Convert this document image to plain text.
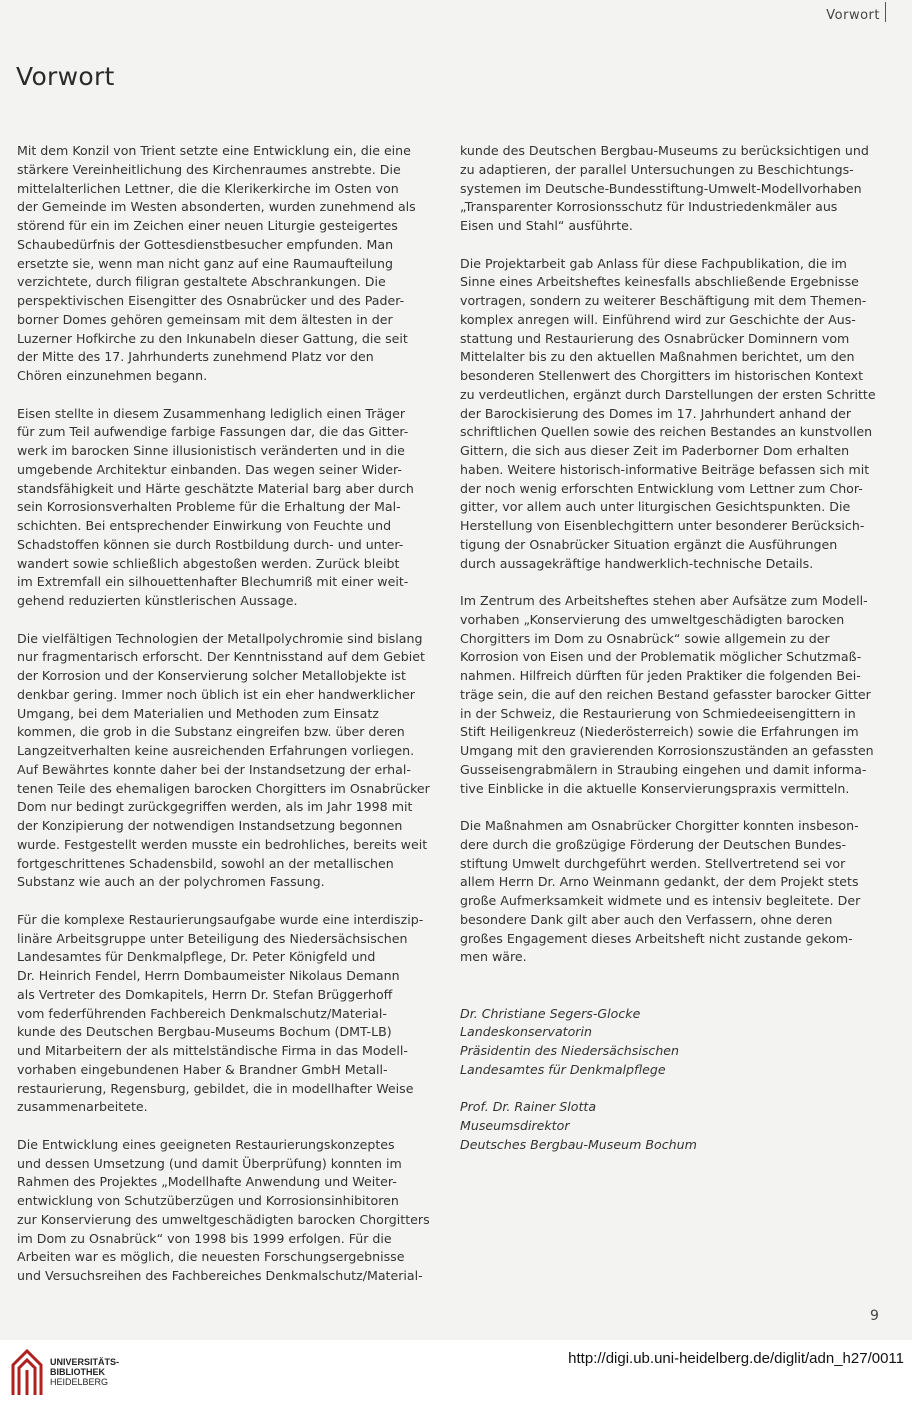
Vorwort
Vorwort

Mit dem Konzil von Trient setzte eine Entwicklung ein, die eine
stärkere Vereinheitlichung des Kirchenraumes anstrebte. Die
mittelalterlichen Lettner, die die Klerikerkirche im Osten von
der Gemeinde im Westen absonderten, wurden zunehmend als
störend für ein im Zeichen einer neuen Liturgie gesteigertes
Schaubedürfnis der Gottesdienstbesucher empfunden. Man
ersetzte sie, wenn man nicht ganz auf eine Raumaufteilung
verzichtete, durch filigran gestaltete Abschrankungen. Die
perspektivischen Eisengitter des Osnabrücker und des Pader-
borner Domes gehören gemeinsam mit dem ältesten in der
Luzerner Hofkirche zu den Inkunabeln dieser Gattung, die seit
der Mitte des 17. Jahrhunderts zunehmend Platz vor den
Chören einzunehmen begann.

Eisen stellte in diesem Zusammenhang lediglich einen Träger
für zum Teil aufwendige farbige Fassungen dar, die das Gitter-
werk im barocken Sinne illusionistisch veränderten und in die
umgebende Architektur einbanden. Das wegen seiner Wider-
standsfähigkeit und Härte geschätzte Material barg aber durch
sein Korrosionsverhalten Probleme für die Erhaltung der Mal-
schichten. Bei entsprechender Einwirkung von Feuchte und
Schadstoffen können sie durch Rostbildung durch- und unter-
wandert sowie schließlich abgestoßen werden. Zurück bleibt
im Extremfall ein silhouettenhafter Blechumriß mit einer weit-
gehend reduzierten künstlerischen Aussage.

Die vielfältigen Technologien der Metallpolychromie sind bislang
nur fragmentarisch erforscht. Der Kenntnisstand auf dem Gebiet
der Korrosion und der Konservierung solcher Metallobjekte ist
denkbar gering. Immer noch üblich ist ein eher handwerklicher
Umgang, bei dem Materialien und Methoden zum Einsatz
kommen, die grob in die Substanz eingreifen bzw. über deren
Langzeitverhalten keine ausreichenden Erfahrungen vorliegen.
Auf Bewährtes konnte daher bei der Instandsetzung der erhal-
tenen Teile des ehemaligen barocken Chorgitters im Osnabrücker
Dom nur bedingt zurückgegriffen werden, als im Jahr 1998 mit
der Konzipierung der notwendigen Instandsetzung begonnen
wurde. Festgestellt werden musste ein bedrohliches, bereits weit
fortgeschrittenes Schadensbild, sowohl an der metallischen
Substanz wie auch an der polychromen Fassung.

Für die komplexe Restaurierungsaufgabe wurde eine interdiszip-
linäre Arbeitsgruppe unter Beteiligung des Niedersächsischen
Landesamtes für Denkmalpflege, Dr. Peter Königfeld und
Dr. Heinrich Fendel, Herrn Dombaumeister Nikolaus Demann
als Vertreter des Domkapitels, Herrn Dr. Stefan Brüggerhoff
vom federführenden Fachbereich Denkmalschutz/Material-
kunde des Deutschen Bergbau-Museums Bochum (DMT-LB)
und Mitarbeitern der als mittelständische Firma in das Modell-
vorhaben eingebundenen Haber & Brandner GmbH Metall-
restaurierung, Regensburg, gebildet, die in modellhafter Weise
zusammenarbeitete.

Die Entwicklung eines geeigneten Restaurierungskonzeptes
und dessen Umsetzung (und damit Überprüfung) konnten im
Rahmen des Projektes „Modellhafte Anwendung und Weiter-
entwicklung von Schutzüberzügen und Korrosionsinhibitoren
zur Konservierung des umweltgeschädigten barocken Chorgitters
im Dom zu Osnabrück“ von 1998 bis 1999 erfolgen. Für die
Arbeiten war es möglich, die neuesten Forschungsergebnisse
und Versuchsreihen des Fachbereiches Denkmalschutz/Material-

kunde des Deutschen Bergbau-Museums zu berücksichtigen und
zu adaptieren, der parallel Untersuchungen zu Beschichtungs-
systemen im Deutsche-Bundesstiftung-Umwelt-Modellvorhaben
„Transparenter Korrosionsschutz für Industriedenkmäler aus
Eisen und Stahl“ ausführte.

Die Projektarbeit gab Anlass für diese Fachpublikation, die im
Sinne eines Arbeitsheftes keinesfalls abschließende Ergebnisse
vortragen, sondern zu weiterer Beschäftigung mit dem Themen-
komplex anregen will. Einführend wird zur Geschichte der Aus-
stattung und Restaurierung des Osnabrücker Dominnern vom
Mittelalter bis zu den aktuellen Maßnahmen berichtet, um den
besonderen Stellenwert des Chorgitters im historischen Kontext
zu verdeutlichen, ergänzt durch Darstellungen der ersten Schritte
der Barockisierung des Domes im 17. Jahrhundert anhand der
schriftlichen Quellen sowie des reichen Bestandes an kunstvollen
Gittern, die sich aus dieser Zeit im Paderborner Dom erhalten
haben. Weitere historisch-informative Beiträge befassen sich mit
der noch wenig erforschten Entwicklung vom Lettner zum Chor-
gitter, vor allem auch unter liturgischen Gesichtspunkten. Die
Herstellung von Eisenblechgittern unter besonderer Berücksich-
tigung der Osnabrücker Situation ergänzt die Ausführungen
durch aussagekräftige handwerklich-technische Details.

Im Zentrum des Arbeitsheftes stehen aber Aufsätze zum Modell-
vorhaben „Konservierung des umweltgeschädigten barocken
Chorgitters im Dom zu Osnabrück“ sowie allgemein zu der
Korrosion von Eisen und der Problematik möglicher Schutzmaß-
nahmen. Hilfreich dürften für jeden Praktiker die folgenden Bei-
träge sein, die auf den reichen Bestand gefasster barocker Gitter
in der Schweiz, die Restaurierung von Schmiedeeisengittern in
Stift Heiligenkreuz (Niederösterreich) sowie die Erfahrungen im
Umgang mit den gravierenden Korrosionszuständen an gefassten
Gusseisengrabmälern in Straubing eingehen und damit informa-
tive Einblicke in die aktuelle Konservierungspraxis vermitteln.

Die Maßnahmen am Osnabrücker Chorgitter konnten insbeson-
dere durch die großzügige Förderung der Deutschen Bundes-
stiftung Umwelt durchgeführt werden. Stellvertretend sei vor
allem Herrn Dr. Arno Weinmann gedankt, der dem Projekt stets
große Aufmerksamkeit widmete und es intensiv begleitete. Der
besondere Dank gilt aber auch den Verfassern, ohne deren
großes Engagement dieses Arbeitsheft nicht zustande gekom-
men wäre.

Dr. Christiane Segers-Glocke
Landeskonservatorin
Präsidentin des Niedersächsischen
Landesamtes für Denkmalpflege

Prof. Dr. Rainer Slotta
Museumsdirektor
Deutsches Bergbau-Museum Bochum

9
UNIVERSITÄTS-
BIBLIOTHEK
HEIDELBERG
http://digi.ub.uni-heidelberg.de/diglit/adn_h27/0011
